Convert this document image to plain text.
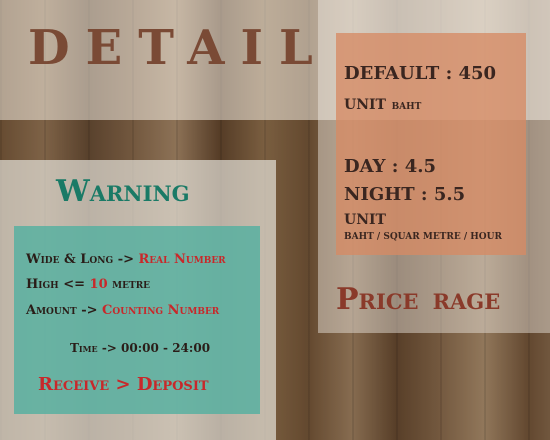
DETAIL
Warning
Wide & Long -> Real Number
High <= 10 metre
Amount -> Counting Number
Time -> 00:00 - 24:00
Receive > Deposit
DEFAULT : 450
UNIT BAHT
DAY : 4.5
NIGHT : 5.5
UNIT
BAHT / SQUAR METRE / HOUR
Price rage
